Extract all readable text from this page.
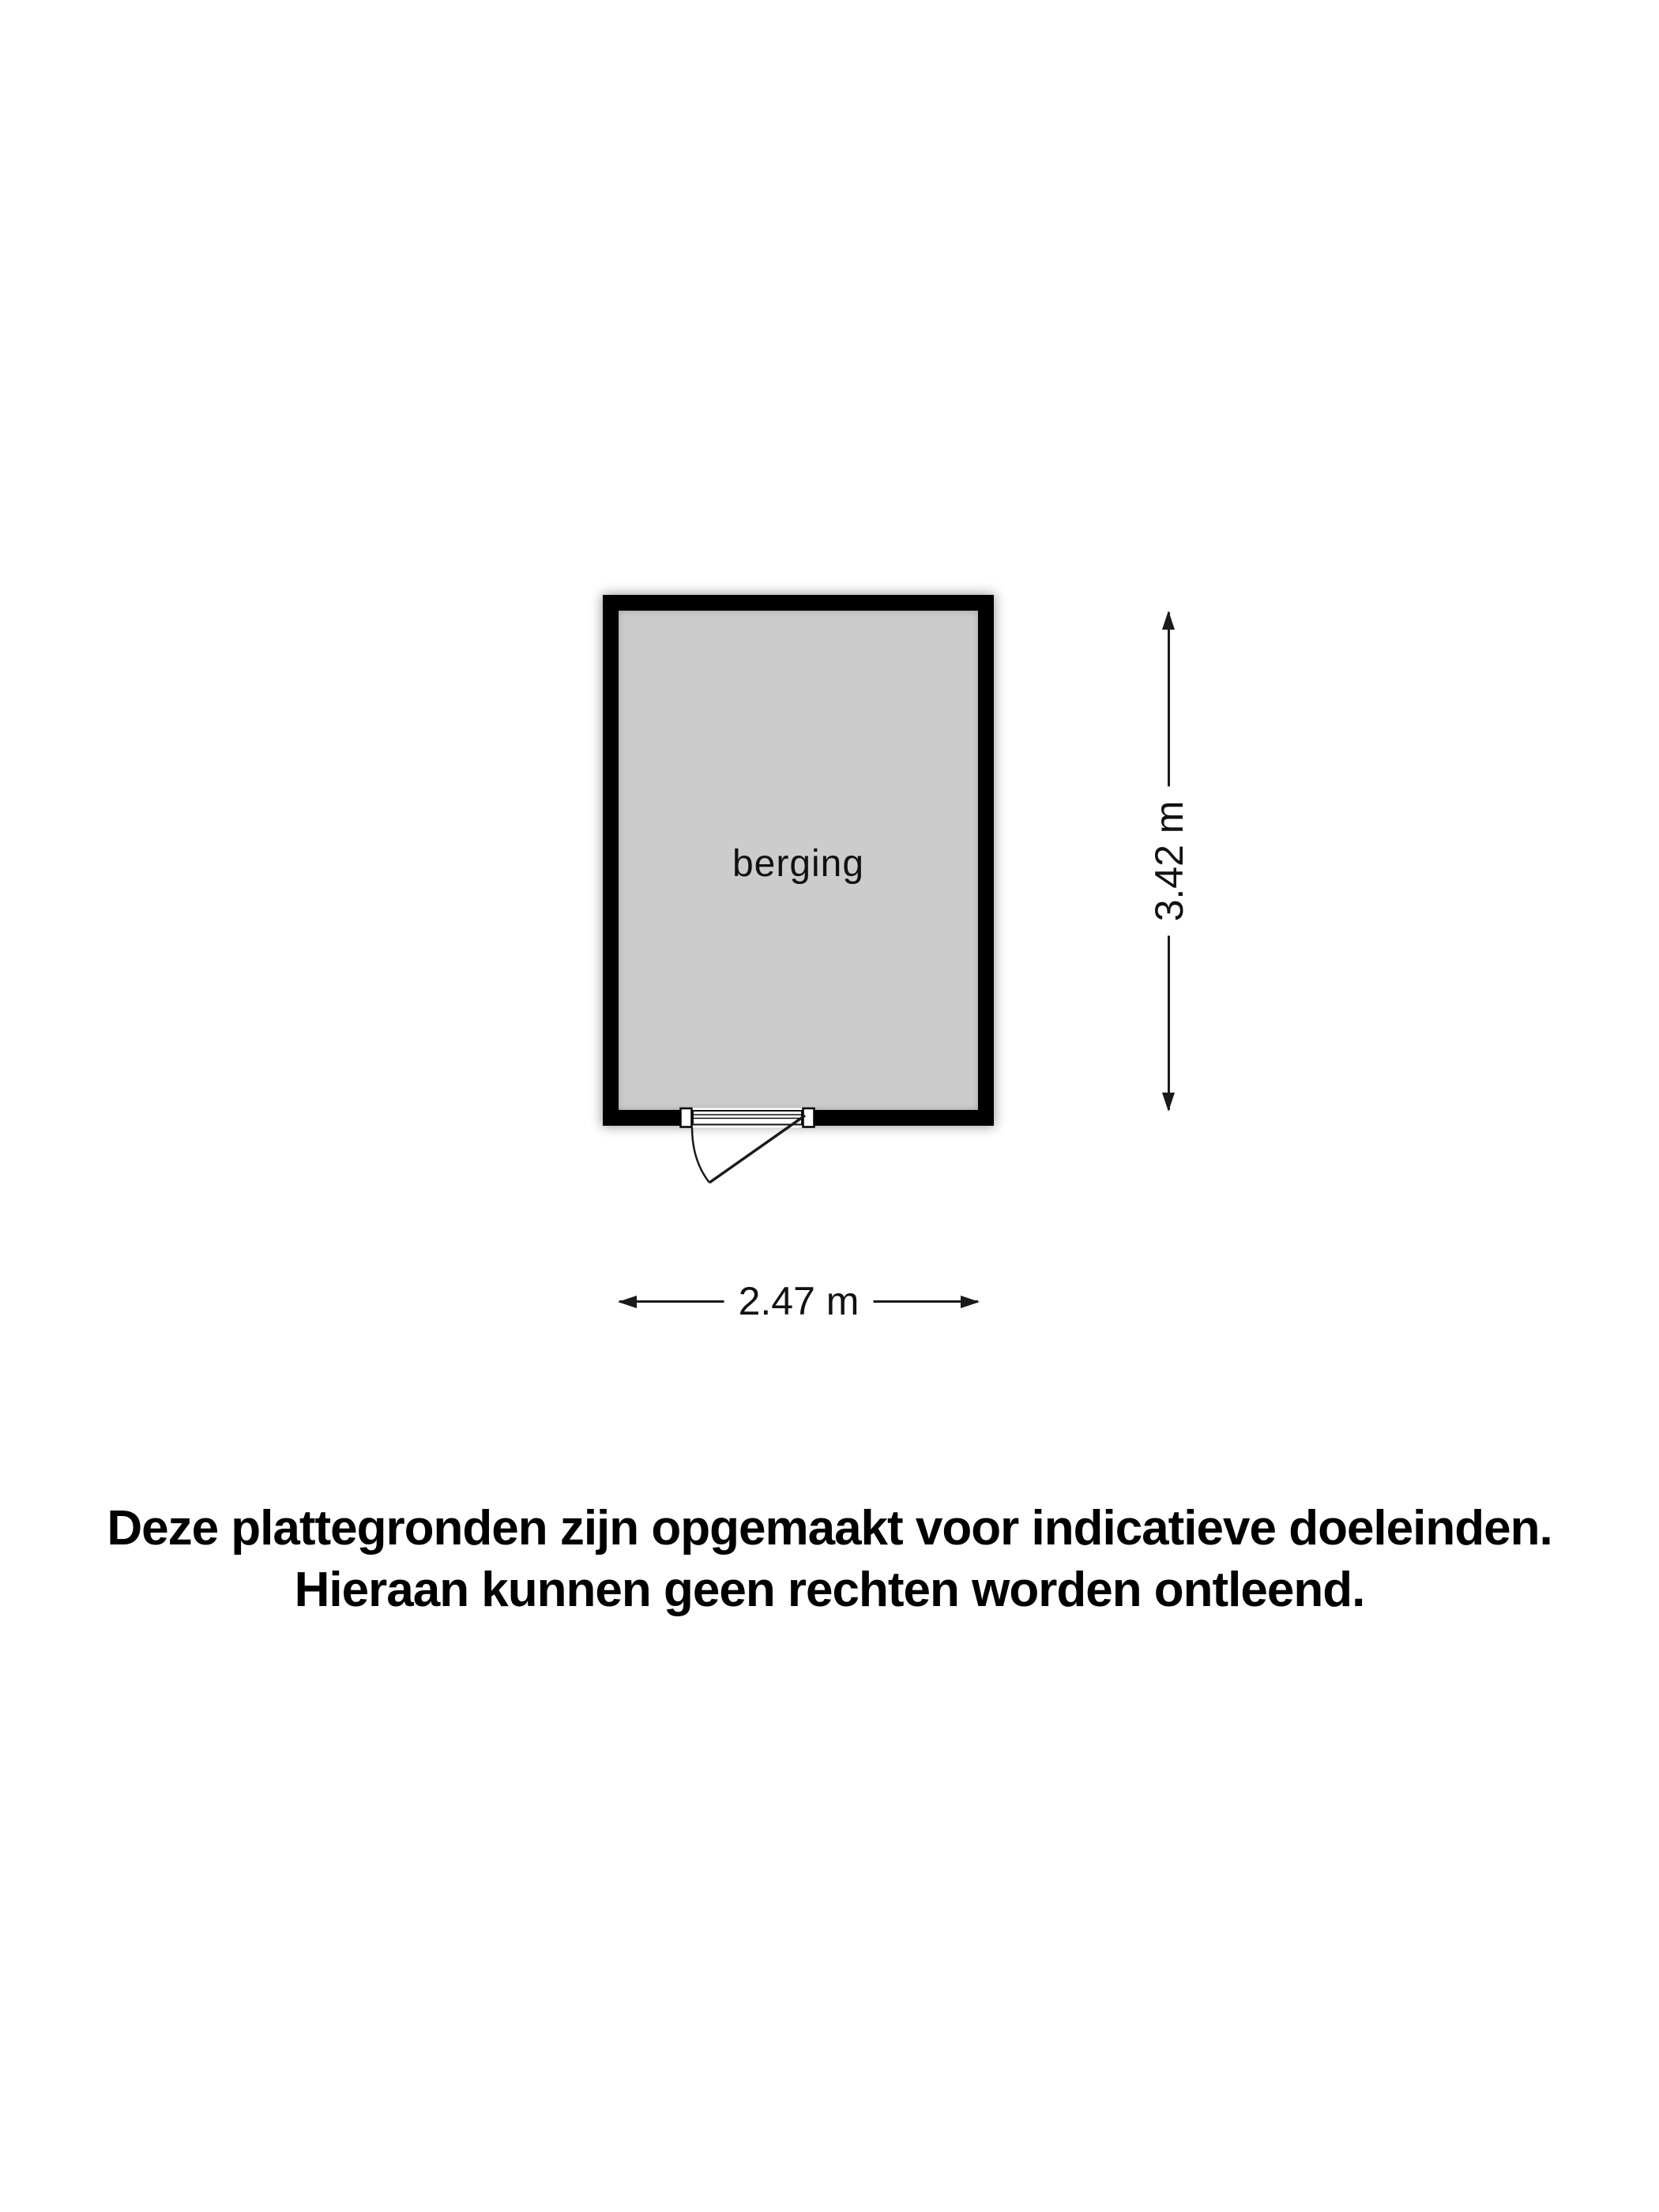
berging	3.42 m
2.47 m
Deze plattegronden zijn opgemaakt voor indicatieve doeleinden.
Hieraan kunnen geen rechten worden ontleend.
